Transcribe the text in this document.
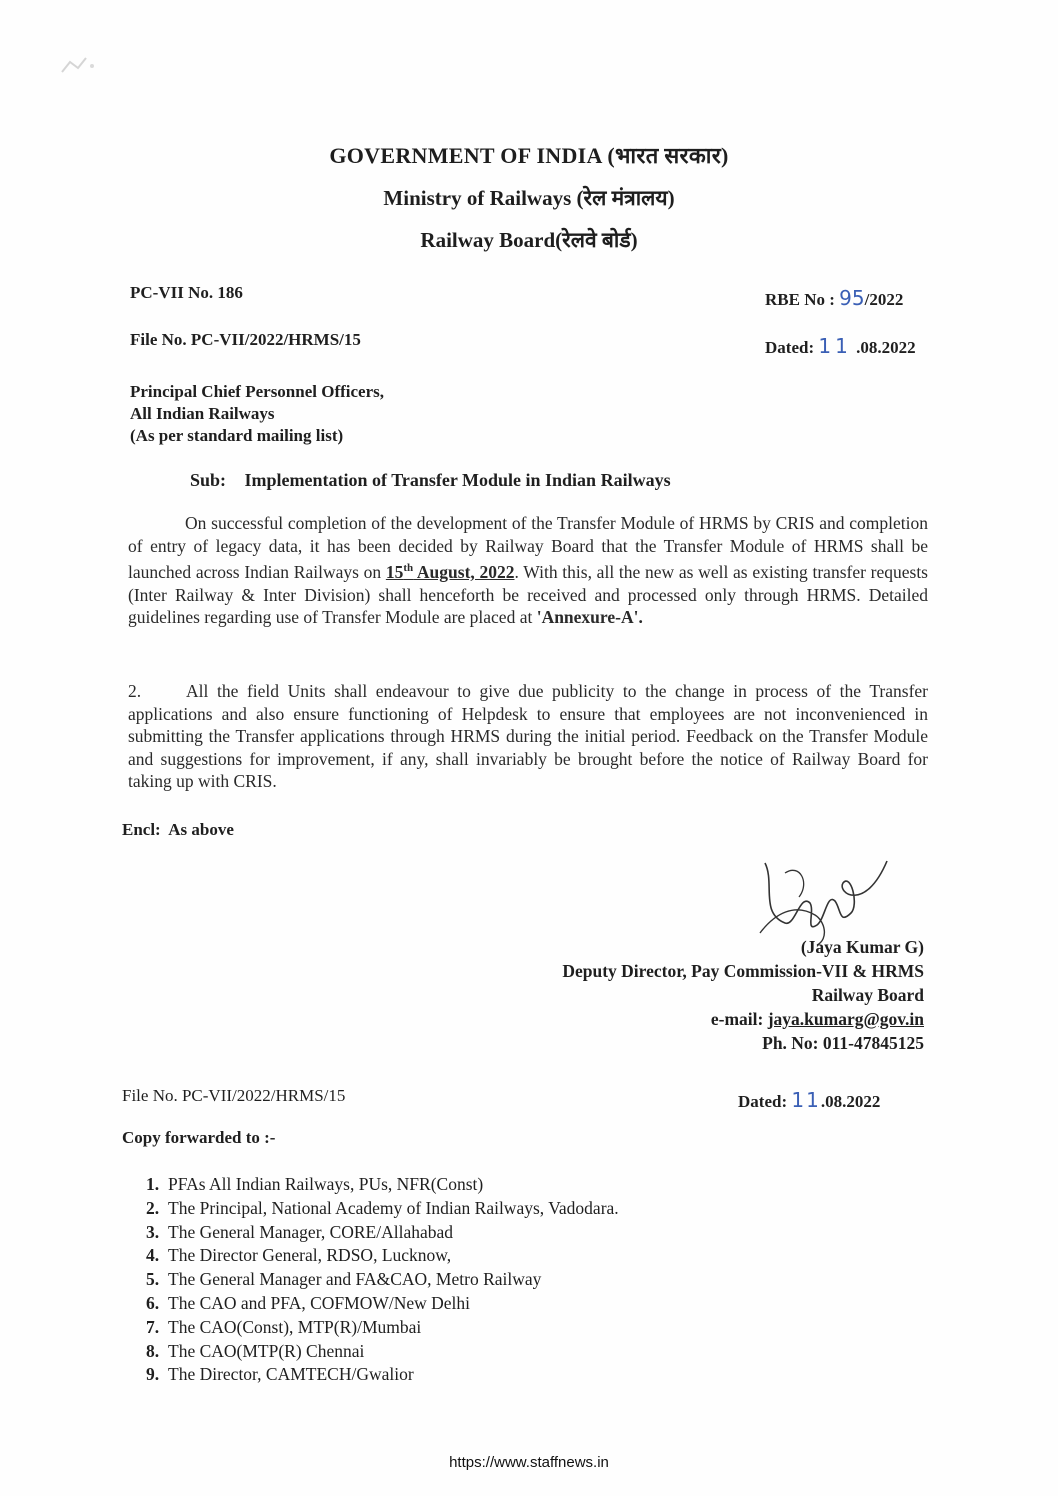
GOVERNMENT OF INDIA (भारत सरकार)
Ministry of Railways (रेल मंत्रालय)
Railway Board(रेलवे बोर्ड)
PC-VII No. 186	RBE No : 95/2022
File No. PC-VII/2022/HRMS/15	Dated: 11 .08.2022
Principal Chief Personnel Officers,
All Indian Railways
(As per standard mailing list)
Sub: Implementation of Transfer Module in Indian Railways
On successful completion of the development of the Transfer Module of HRMS by CRIS and completion of entry of legacy data, it has been decided by Railway Board that the Transfer Module of HRMS shall be launched across Indian Railways on 15th August, 2022. With this, all the new as well as existing transfer requests (Inter Railway & Inter Division) shall henceforth be received and processed only through HRMS. Detailed guidelines regarding use of Transfer Module are placed at 'Annexure-A'.
2.	All the field Units shall endeavour to give due publicity to the change in process of the Transfer applications and also ensure functioning of Helpdesk to ensure that employees are not inconvenienced in submitting the Transfer applications through HRMS during the initial period. Feedback on the Transfer Module and suggestions for improvement, if any, shall invariably be brought before the notice of Railway Board for taking up with CRIS.
Encl:  As above
(Jaya Kumar G)
Deputy Director, Pay Commission-VII & HRMS
Railway Board
e-mail: jaya.kumarg@gov.in
Ph. No: 011-47845125
File No. PC-VII/2022/HRMS/15	Dated: 11.08.2022
Copy forwarded to :-
1. PFAs All Indian Railways, PUs, NFR(Const)
2. The Principal, National Academy of Indian Railways, Vadodara.
3. The General Manager, CORE/Allahabad
4. The Director General, RDSO, Lucknow,
5. The General Manager and FA&CAO, Metro Railway
6. The CAO and PFA, COFMOW/New Delhi
7. The CAO(Const), MTP(R)/Mumbai
8. The CAO(MTP(R) Chennai
9. The Director, CAMTECH/Gwalior
https://www.staffnews.in
